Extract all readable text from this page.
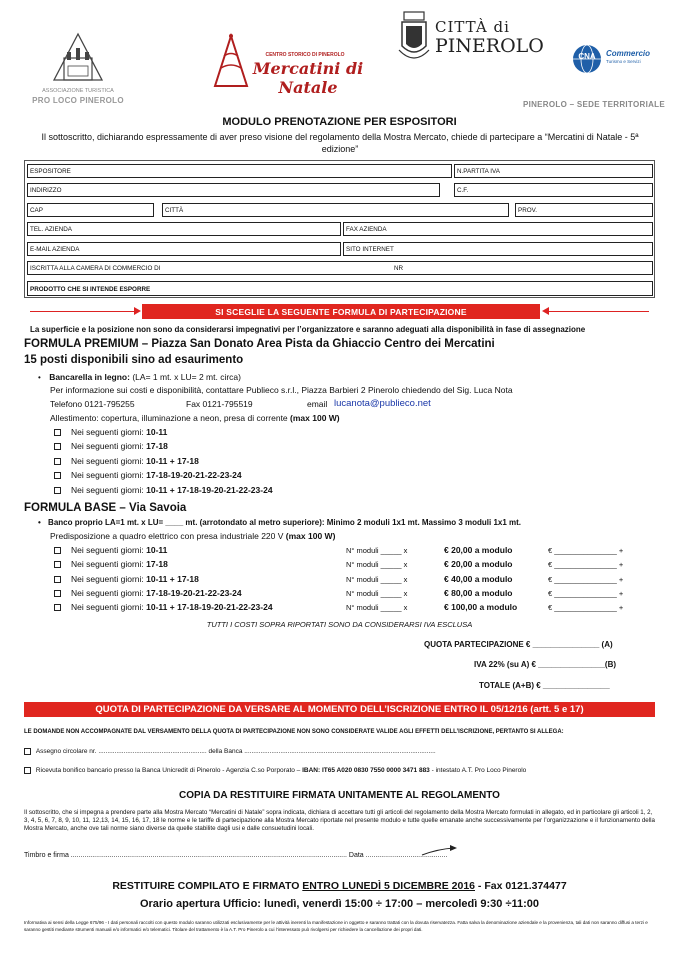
ASSOCIAZIONE TURISTICA
PRO LOCO PINEROLO
CENTRO STORICO DI PINEROLO
Mercatini di Natale
CITTÀ di
PINEROLO	CNA Commercio
Turismo e Servizi
PINEROLO – SEDE TERRITORIALE
MODULO PRENOTAZIONE PER ESPOSITORI
Il sottoscritto, dichiarando espressamente di aver preso visione del regolamento della Mostra Mercato, chiede di partecipare a “Mercatini di Natale - 5ª edizione”
ESPOSITORE	N.PARTITA IVA
INDIRIZZO	C.F.
CAP	CITTÀ	PROV.
TEL. AZIENDA	FAX AZIENDA
E-MAIL AZIENDA	SITO INTERNET
ISCRITTA ALLA CAMERA DI COMMERCIO DI	NR
PRODOTTO CHE SI INTENDE ESPORRE
SI SCEGLIE LA SEGUENTE FORMULA DI PARTECIPAZIONE
La superficie e la posizione non sono da considerarsi impegnativi per l’organizzatore e saranno adeguati alla disponibilità in fase di assegnazione
FORMULA PREMIUM – Piazza San Donato Area Pista da Ghiaccio Centro dei Mercatini
15 posti disponibili sino ad esaurimento
• Bancarella in legno: (LA= 1 mt. x LU= 2 mt. circa)
Per informazione sui costi e disponibilità, contattare Publieco s.r.l., Piazza Barbieri 2 Pinerolo chiedendo del Sig. Luca Nota
Telefono 0121-795255	Fax 0121-795519	email lucanota@publieco.net
Allestimento: copertura, illuminazione a neon, presa di corrente (max 100 W)
Nei seguenti giorni: 10-11
Nei seguenti giorni: 17-18
Nei seguenti giorni: 10-11 + 17-18
Nei seguenti giorni: 17-18-19-20-21-22-23-24
Nei seguenti giorni: 10-11 + 17-18-19-20-21-22-23-24
FORMULA BASE – Via Savoia
• Banco proprio LA=1 mt. x LU= ____ mt. (arrotondato al metro superiore): Minimo 2 moduli 1x1 mt. Massimo 3 moduli 1x1 mt.
Predisposizione a quadro elettrico con presa industriale 220 V (max 100 W)
Nei seguenti giorni: 10-11	N° moduli _____ x	€ 20,00 a modulo	€ _______________ +
Nei seguenti giorni: 17-18	N° moduli _____ x	€ 20,00 a modulo	€ _______________ +
Nei seguenti giorni: 10-11 + 17-18	N° moduli _____ x	€ 40,00 a modulo	€ _______________ +
Nei seguenti giorni: 17-18-19-20-21-22-23-24	N° moduli _____ x	€ 80,00 a modulo	€ _______________ +
Nei seguenti giorni: 10-11 + 17-18-19-20-21-22-23-24	N° moduli _____ x	€ 100,00 a modulo	€ _______________ +
TUTTI I COSTI SOPRA RIPORTATI SONO DA CONSIDERARSI IVA ESCLUSA
QUOTA PARTECIPAZIONE € _______________ (A)
IVA 22% (su A) € _______________(B)
TOTALE (A+B) € _______________
QUOTA DI PARTECIPAZIONE DA VERSARE AL MOMENTO DELL’ISCRIZIONE ENTRO IL 05/12/16 (artt. 5 e 17)
LE DOMANDE NON ACCOMPAGNATE DAL VERSAMENTO DELLA QUOTA DI PARTECIPAZIONE NON SONO CONSIDERATE VALIDE AGLI EFFETTI DELL’ISCRIZIONE, PERTANTO SI ALLEGA:
Assegno circolare nr. ............................................................ della Banca ..........................................................................................................
Ricevuta bonifico bancario presso la Banca Unicredit di Pinerolo - Agenzia C.so Porporato – IBAN: IT65 A020 0830 7550 0000 3471 883 - intestato A.T. Pro Loco Pinerolo
COPIA DA RESTITUIRE FIRMATA UNITAMENTE AL REGOLAMENTO
Il sottoscritto, che si impegna a prendere parte alla Mostra Mercato “Mercatini di Natale” sopra indicata, dichiara di accettare tutti gli articoli del regolamento della Mostra Mercato formulati in allegato, ed in particolare gli articoli 1, 2, 3, 4, 5, 6, 7, 8, 9, 10, 11, 12,13, 14, 15, 16, 17, 18 le norme e le tariffe di partecipazione alla Mostra Mercato riportate nel presente modulo e tutte quelle emanate anche successivamente per l’organizzazione e il funzionamento della Mostra Mercato, anche ove tali norme siano diverse da quelle stabilite dagli usi e dalle consuetudini locali.
Timbro e firma .............................................................................................................................................. Data ..........................................
RESTITUIRE COMPILATO E FIRMATO ENTRO LUNEDÌ 5 DICEMBRE 2016 - Fax 0121.374477
Orario apertura Ufficio: lunedì, venerdì 15:00 ÷ 17:00 – mercoledì 9:30 ÷11:00
Informativa ai sensi della Legge 675/96 - I dati personali raccolti con questo modulo saranno utilizzati esclusivamente per le attività inerenti la manifestazione in oggetto e saranno trattati con la dovuta riservatezza. Fatta salva la denominazione aziendale e la provenienza, tali dati non saranno diffusi a terzi e saranno gestiti mediante strumenti manuali e/o informatici e/o telematici. Titolare del trattamento è la A.T. Pro Pinerolo a cui l’interessato può rivolgersi per richiedere la cancellazione dei propri dati.
